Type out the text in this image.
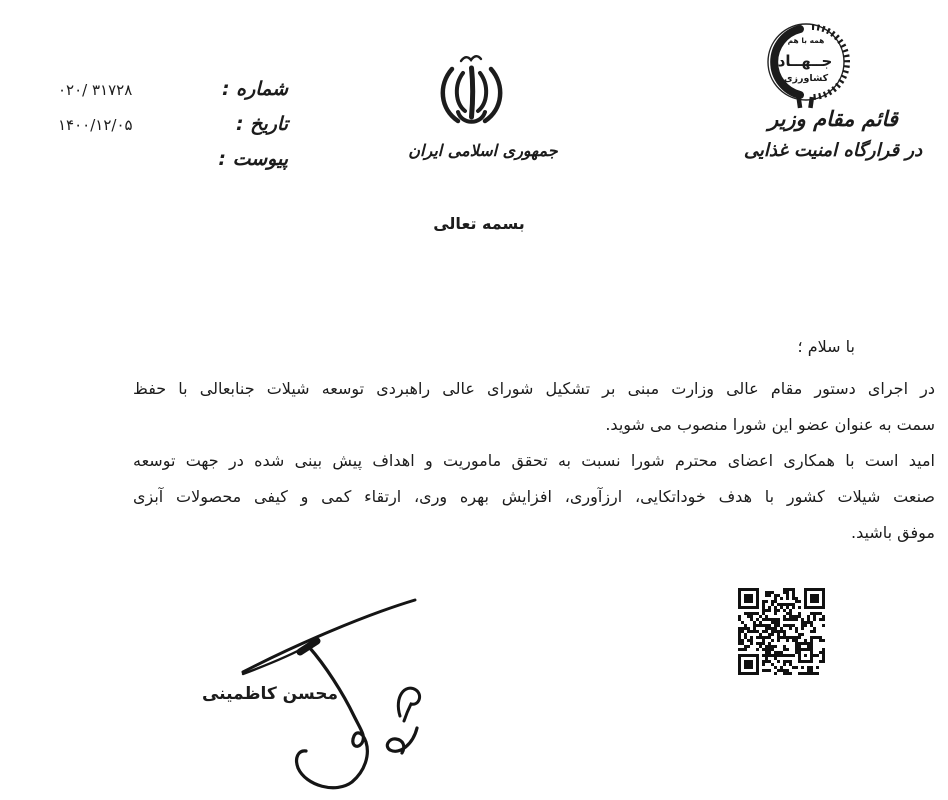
همه با هم
جــهــاد
کشاورزی
قائم مقام وزیر
در قرارگاه امنیت غذایی
شماره :
۰۲۰/ ۳۱۷۲۸
تاریخ :
۱۴۰۰/۱۲/۰۵
پیوست :	جمهوری اسلامی ایران
بسمه تعالی
با سلام ؛
در اجرای دستور مقام عالی وزارت مبنی بر تشکیل شورای عالی راهبردی توسعه شیلات جنابعالی با حفظ
سمت به عنوان عضو این شورا منصوب می شوید.
امید است با همکاری اعضای محترم شورا نسبت به تحقق ماموریت و اهداف پیش بینی شده در جهت توسعه
صنعت شیلات کشور با هدف خوداتکایی، ارزآوری، افزایش بهره وری، ارتقاء کمی و کیفی محصولات آبزی
موفق باشید.
محسن کاظمینی
